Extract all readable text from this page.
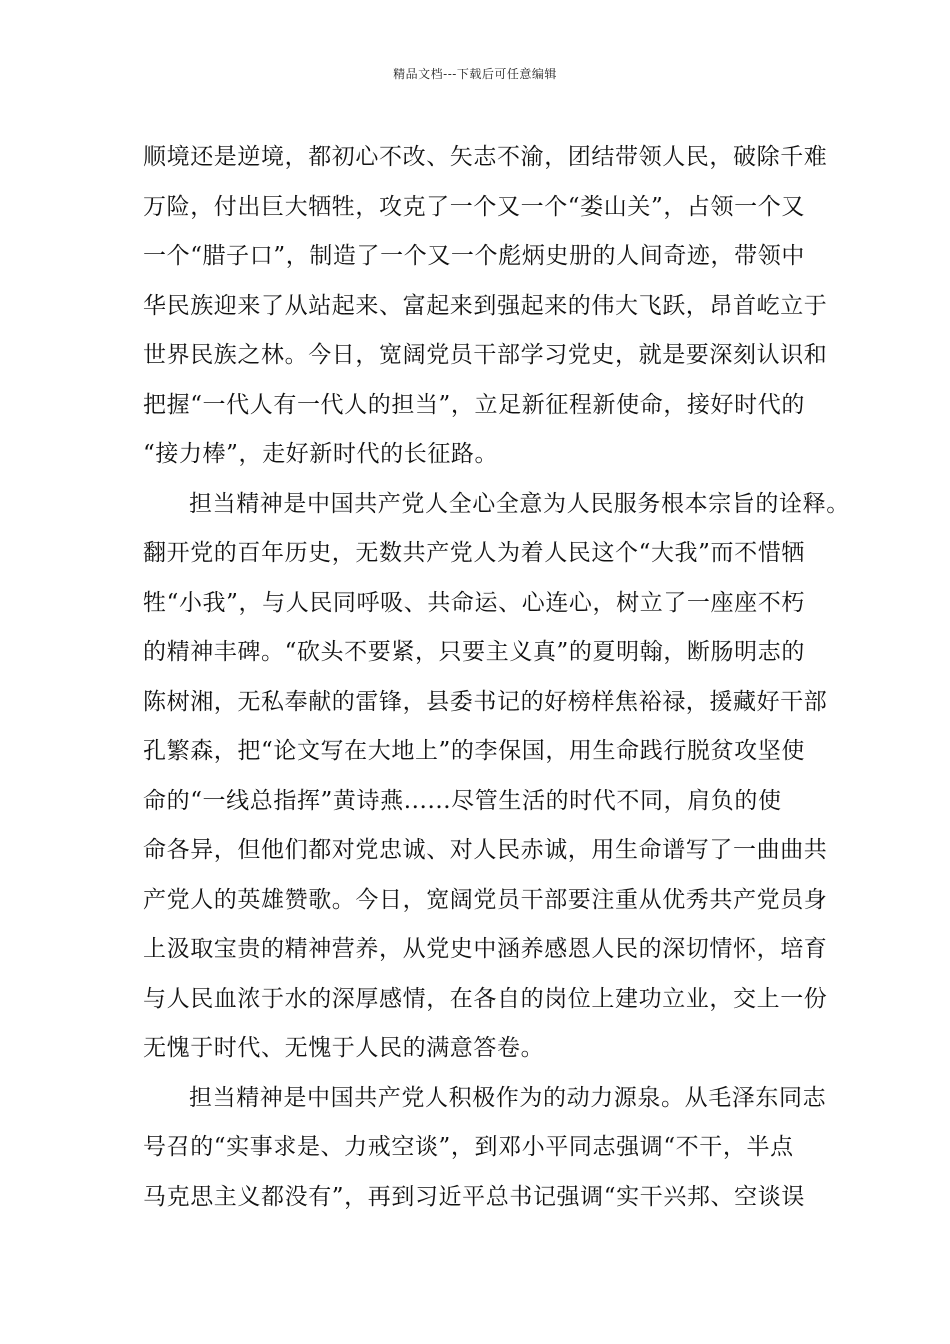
精品文档---下载后可任意编辑
顺境还是逆境，都初心不改、矢志不渝，团结带领人民，破除千难
万险，付出巨大牺牲，攻克了一个又一个“娄山关”，占领一个又
一个“腊子口”，制造了一个又一个彪炳史册的人间奇迹，带领中
华民族迎来了从站起来、富起来到强起来的伟大飞跃，昂首屹立于
世界民族之林。今日，宽阔党员干部学习党史，就是要深刻认识和
把握“一代人有一代人的担当”，立足新征程新使命，接好时代的
“接力棒”，走好新时代的长征路。
担当精神是中国共产党人全心全意为人民服务根本宗旨的诠释。
翻开党的百年历史，无数共产党人为着人民这个“大我”而不惜牺
牲“小我”，与人民同呼吸、共命运、心连心，树立了一座座不朽
的精神丰碑。“砍头不要紧，只要主义真”的夏明翰，断肠明志的
陈树湘，无私奉献的雷锋，县委书记的好榜样焦裕禄，援藏好干部
孔繁森，把“论文写在大地上”的李保国，用生命践行脱贫攻坚使
命的“一线总指挥”黄诗燕......尽管生活的时代不同，肩负的使
命各异，但他们都对党忠诚、对人民赤诚，用生命谱写了一曲曲共
产党人的英雄赞歌。今日，宽阔党员干部要注重从优秀共产党员身
上汲取宝贵的精神营养，从党史中涵养感恩人民的深切情怀，培育
与人民血浓于水的深厚感情，在各自的岗位上建功立业，交上一份
无愧于时代、无愧于人民的满意答卷。
担当精神是中国共产党人积极作为的动力源泉。从毛泽东同志
号召的“实事求是、力戒空谈”，到邓小平同志强调“不干，半点
马克思主义都没有”，再到习近平总书记强调“实干兴邦、空谈误
